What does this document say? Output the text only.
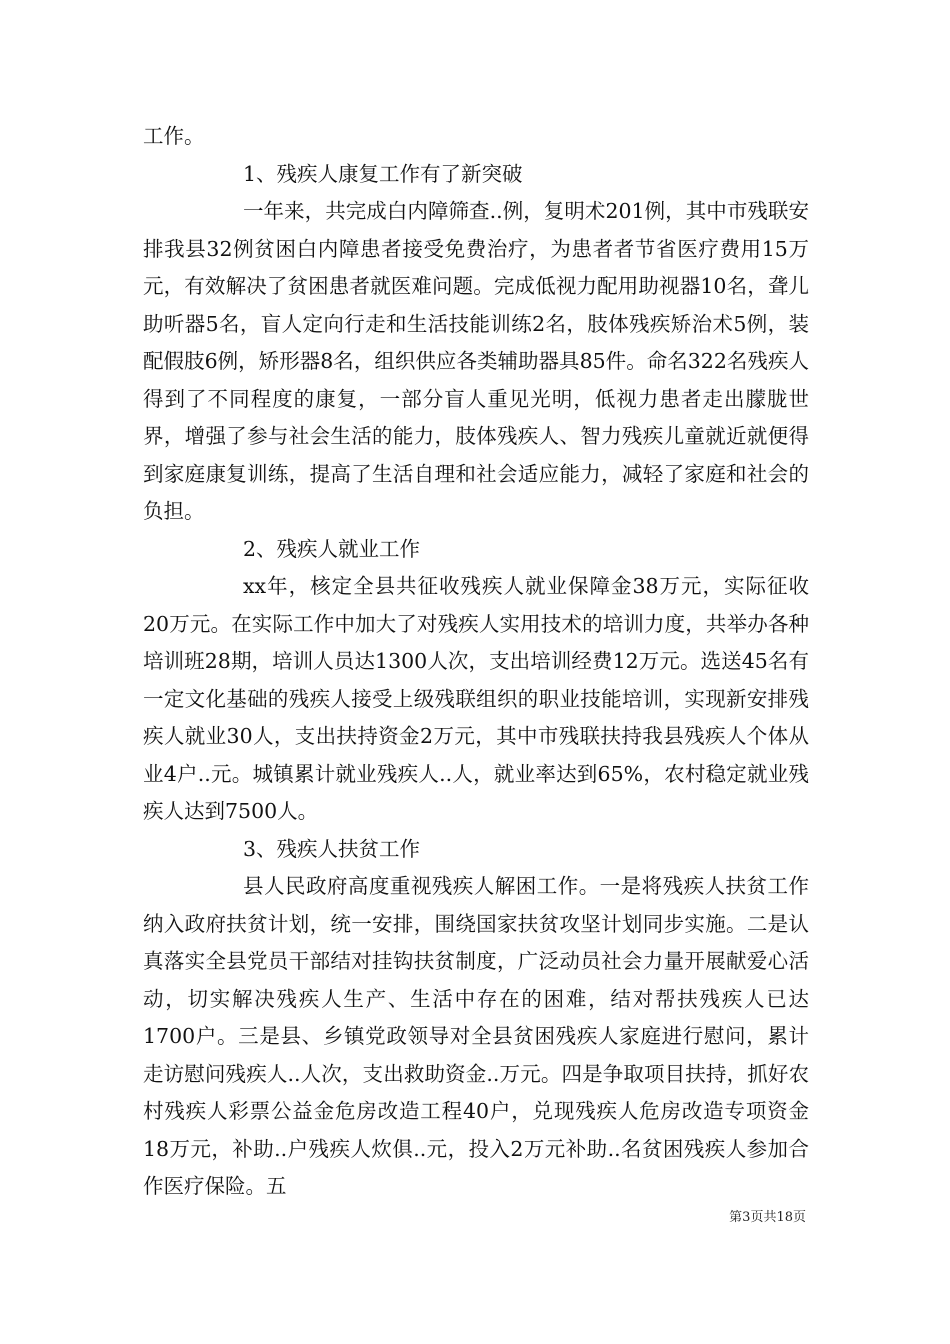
工作。

1、残疾人康复工作有了新突破

一年来，共完成白内障筛查..例，复明术201例，其中市残联安排我县32例贫困白内障患者接受免费治疗，为患者者节省医疗费用15万元，有效解决了贫困患者就医难问题。完成低视力配用助视器10名，聋儿助听器5名，盲人定向行走和生活技能训练2名，肢体残疾矫治术5例，装配假肢6例，矫形器8名，组织供应各类辅助器具85件。命名322名残疾人得到了不同程度的康复，一部分盲人重见光明，低视力患者走出朦胧世界，增强了参与社会生活的能力，肢体残疾人、智力残疾儿童就近就便得到家庭康复训练，提高了生活自理和社会适应能力，减轻了家庭和社会的负担。

2、残疾人就业工作

xx年，核定全县共征收残疾人就业保障金38万元，实际征收20万元。在实际工作中加大了对残疾人实用技术的培训力度，共举办各种培训班28期，培训人员达1300人次，支出培训经费12万元。选送45名有一定文化基础的残疾人接受上级残联组织的职业技能培训，实现新安排残疾人就业30人，支出扶持资金2万元，其中市残联扶持我县残疾人个体从业4户..元。城镇累计就业残疾人..人，就业率达到65%，农村稳定就业残疾人达到7500人。

3、残疾人扶贫工作

县人民政府高度重视残疾人解困工作。一是将残疾人扶贫工作纳入政府扶贫计划，统一安排，围绕国家扶贫攻坚计划同步实施。二是认真落实全县党员干部结对挂钩扶贫制度，广泛动员社会力量开展献爱心活动，切实解决残疾人生产、生活中存在的困难，结对帮扶残疾人已达1700户。三是县、乡镇党政领导对全县贫困残疾人家庭进行慰问，累计走访慰问残疾人..人次，支出救助资金..万元。四是争取项目扶持，抓好农村残疾人彩票公益金危房改造工程40户，兑现残疾人危房改造专项资金18万元，补助..户残疾人炊俱..元，投入2万元补助..名贫困残疾人参加合作医疗保险。五

第3页共18页
